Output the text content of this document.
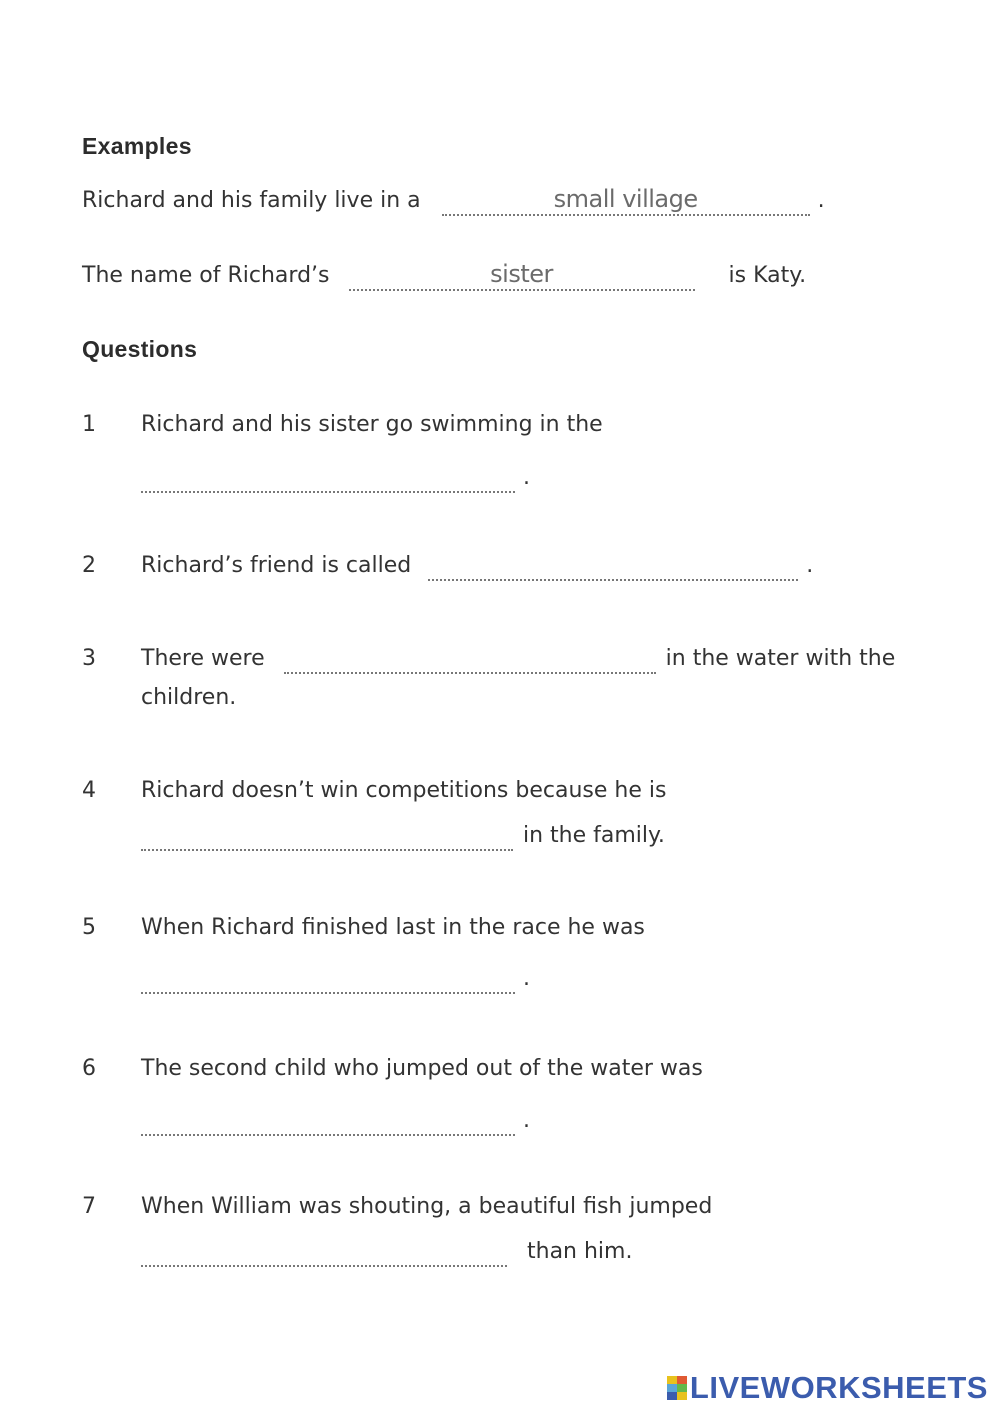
Examples
Richard and his family live in a	small village	.
The name of Richard’s	sister	is Katy.
Questions
1 Richard and his sister go swimming in the
.
2 Richard’s friend is called	.
3 There were	in the water with the
children.
4 Richard doesn’t win competitions because he is
in the family.
5 When Richard finished last in the race he was
.
6 The second child who jumped out of the water was
.
7 When William was shouting, a beautiful fish jumped
than him.
LIVEWORKSHEETS
